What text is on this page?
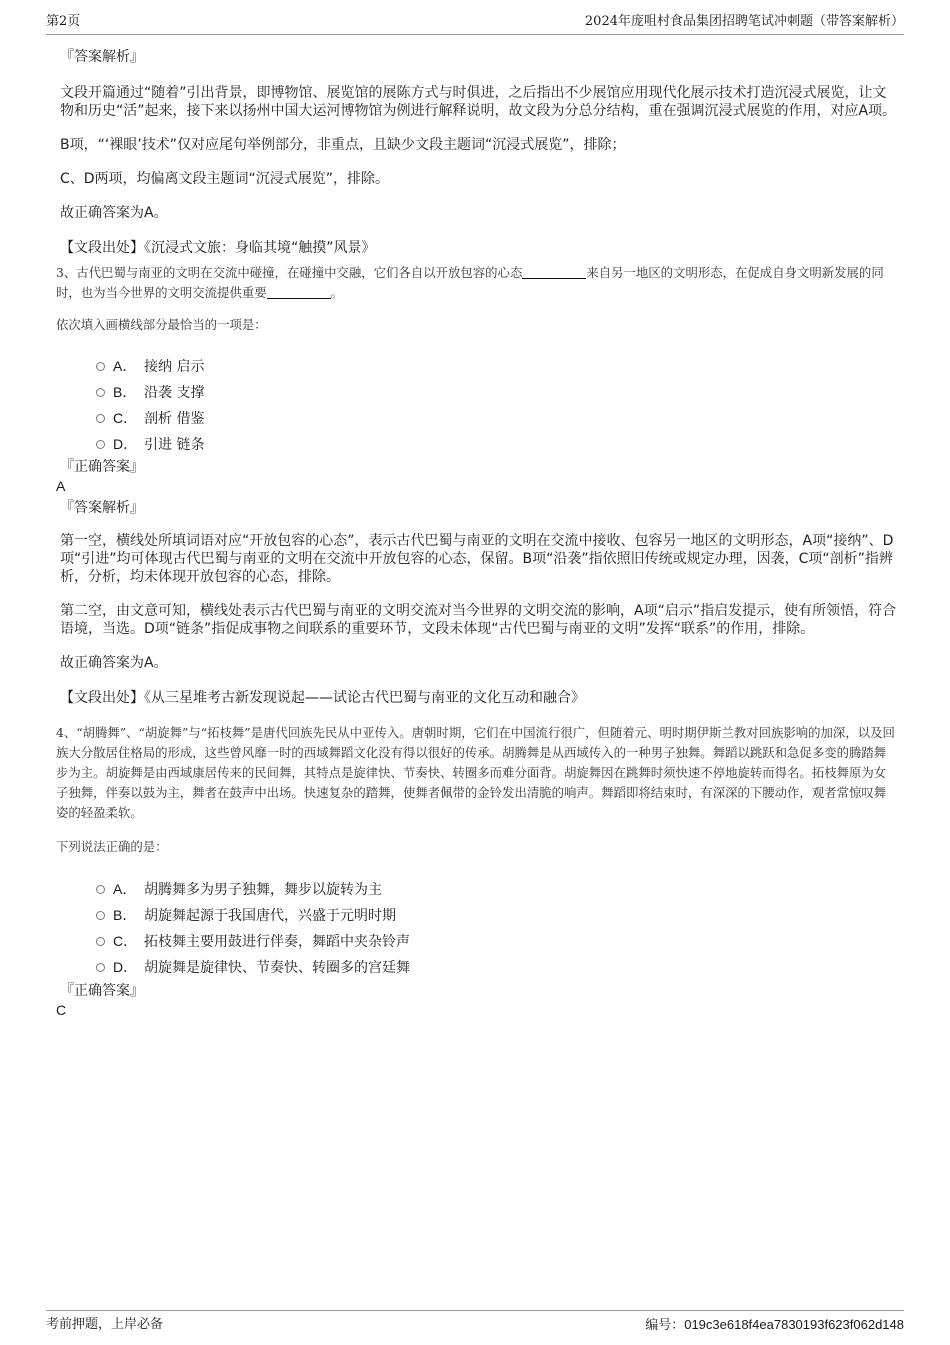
第2页	2024年庞咀村食品集团招聘笔试冲刺题（带答案解析）
『答案解析』

文段开篇通过“随着”引出背景，即博物馆、展览馆的展陈方式与时俱进，之后指出不少展馆应用现代化展示技术打造沉浸式展览，让文物和历史“活”起来，接下来以扬州中国大运河博物馆为例进行解释说明，故文段为分总分结构，重在强调沉浸式展览的作用，对应A项。

B项，“‘裸眼’技术”仅对应尾句举例部分，非重点，且缺少文段主题词“沉浸式展览”，排除；

C、D两项，均偏离文段主题词“沉浸式展览”，排除。

故正确答案为A。

【文段出处】《沉浸式文旅：身临其境“触摸”风景》

3、古代巴蜀与南亚的文明在交流中碰撞，在碰撞中交融，它们各自以开放包容的心态	来自另一地区的文明形态，在促成自身文明新发展的同时，也为当今世界的文明交流提供重要	。

依次填入画横线部分最恰当的一项是：

A． 接纳 启示
B． 沿袭 支撑
C． 剖析 借鉴
D． 引进 链条
『正确答案』

A

『答案解析』

第一空，横线处所填词语对应“开放包容的心态”，表示古代巴蜀与南亚的文明在交流中接收、包容另一地区的文明形态，A项“接纳”、D项“引进”均可体现古代巴蜀与南亚的文明在交流中开放包容的心态，保留。B项“沿袭”指依照旧传统或规定办理，因袭，C项“剖析”指辨析，分析，均未体现开放包容的心态，排除。

第二空，由文意可知，横线处表示古代巴蜀与南亚的文明交流对当今世界的文明交流的影响，A项“启示”指启发提示，使有所领悟，符合语境，当选。D项“链条”指促成事物之间联系的重要环节，文段未体现“古代巴蜀与南亚的文明”发挥“联系”的作用，排除。

故正确答案为A。

【文段出处】《从三星堆考古新发现说起——试论古代巴蜀与南亚的文化互动和融合》

4、“胡腾舞”、“胡旋舞”与“拓枝舞”是唐代回族先民从中亚传入。唐朝时期，它们在中国流行很广，但随着元、明时期伊斯兰教对回族影响的加深，以及回族大分散居住格局的形成，这些曾风靡一时的西域舞蹈文化没有得以很好的传承。胡腾舞是从西域传入的一种男子独舞。舞蹈以跳跃和急促多变的腾踏舞步为主。胡旋舞是由西域康居传来的民间舞，其特点是旋律快、节奏快、转圈多而难分面背。胡旋舞因在跳舞时须快速不停地旋转而得名。拓枝舞原为女子独舞，伴奏以鼓为主，舞者在鼓声中出场。快速复杂的踏舞，使舞者佩带的金铃发出清脆的响声。舞蹈即将结束时，有深深的下腰动作，观者常惊叹舞姿的轻盈柔软。

下列说法正确的是：

A． 胡腾舞多为男子独舞，舞步以旋转为主
B． 胡旋舞起源于我国唐代，兴盛于元明时期
C． 拓枝舞主要用鼓进行伴奏，舞蹈中夹杂铃声
D． 胡旋舞是旋律快、节奏快、转圈多的宫廷舞
『正确答案』

C

考前押题，上岸必备	编号：019c3e618f4ea7830193f623f062d148
